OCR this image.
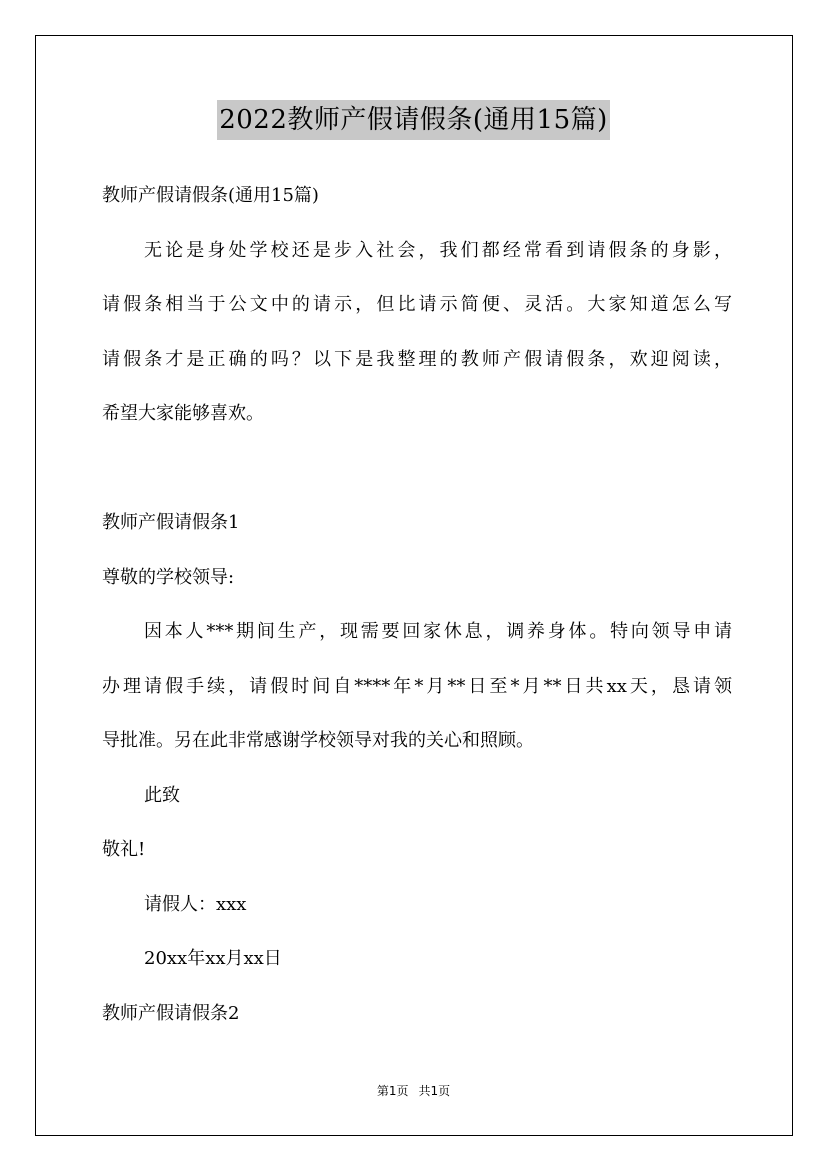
2022教师产假请假条(通用15篇)
教师产假请假条(通用15篇)
无论是身处学校还是步入社会，我们都经常看到请假条的身影，
请假条相当于公文中的请示，但比请示简便、灵活。大家知道怎么写
请假条才是正确的吗？以下是我整理的教师产假请假条，欢迎阅读，
希望大家能够喜欢。
教师产假请假条1
尊敬的学校领导:
因本人***期间生产，现需要回家休息，调养身体。特向领导申请
办理请假手续，请假时间自****年*月**日至*月**日共xx天，恳请领
导批准。另在此非常感谢学校领导对我的关心和照顾。
此致
敬礼!
请假人：xxx
20xx年xx月xx日
教师产假请假条2
第1页 共1页
